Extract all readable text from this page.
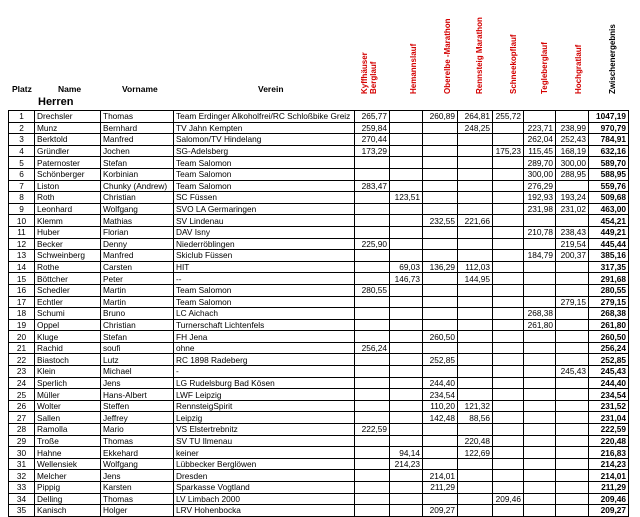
Platz	Name	Vorname	Verein	Kyffhäuser Berglauf	Hemannslauf	Oberelbe -Marathon	Rennsteig Marathon	Schneekopflauf	Tegleberglauf	Hochgratlauf	Zwischenergebnis
Herren
1	Drechsler	Thomas	Team Erdinger Alkoholfrei/RC Schloßbike Greiz	265,77		260,89	264,81	255,72			1047,19
2	Munz	Bernhard	TV Jahn Kempten	259,84			248,25		223,71	238,99	970,79
3	Berktold	Manfred	Salomon/TV Hindelang	270,44					262,04	252,43	784,91
4	Gründler	Jochen	SG-Adelsberg	173,29				175,23	115,45	168,19	632,16
5	Paternoster	Stefan	Team Salomon						289,70	300,00	589,70
6	Schönberger	Korbinian	Team Salomon						300,00	288,95	588,95
7	Liston	Chunky (Andrew)	Team Salomon	283,47					276,29		559,76
8	Roth	Christian	SC Füssen		123,51				192,93	193,24	509,68
9	Leonhard	Wolfgang	SVO LA Germaringen						231,98	231,02	463,00
10	Klemm	Mathias	SV Lindenau			232,55	221,66				454,21
11	Huber	Florian	DAV Isny						210,78	238,43	449,21
12	Becker	Denny	Niederröblingen	225,90						219,54	445,44
13	Schweinberg	Manfred	Skiclub Füssen						184,79	200,37	385,16
14	Rothe	Carsten	HIT		69,03	136,29	112,03				317,35
15	Böttcher	Peter	--		146,73		144,95				291,68
16	Schedler	Martin	Team Salomon	280,55							280,55
17	Echtler	Martin	Team Salomon							279,15	279,15
18	Schumi	Bruno	LC Aichach						268,38		268,38
19	Oppel	Christian	Turnerschaft Lichtenfels						261,80		261,80
20	Kluge	Stefan	FH Jena			260,50					260,50
21	Rachid	soufi	ohne	256,24							256,24
22	Biastoch	Lutz	RC 1898 Radeberg			252,85					252,85
23	Klein	Michael	-							245,43	245,43
24	Sperlich	Jens	LG Rudelsburg Bad Kösen			244,40					244,40
25	Müller	Hans-Albert	LWF Leipzig			234,54					234,54
26	Wolter	Steffen	RennsteigSpirit			110,20	121,32				231,52
27	Sallen	Jeffrey	Leipzig			142,48	88,56				231,04
28	Ramolla	Mario	VS Elstertrebnitz	222,59							222,59
29	Troße	Thomas	SV TU Ilmenau				220,48				220,48
30	Hahne	Ekkehard	keiner		94,14		122,69				216,83
31	Wellensiek	Wolfgang	Lübbecker Berglöwen		214,23						214,23
32	Melcher	Jens	Dresden			214,01					214,01
33	Pippig	Karsten	Sparkasse Vogtland			211,29					211,29
34	Delling	Thomas	LV Limbach 2000					209,46			209,46
35	Kanisch	Holger	LRV Hohenbocka			209,27					209,27
